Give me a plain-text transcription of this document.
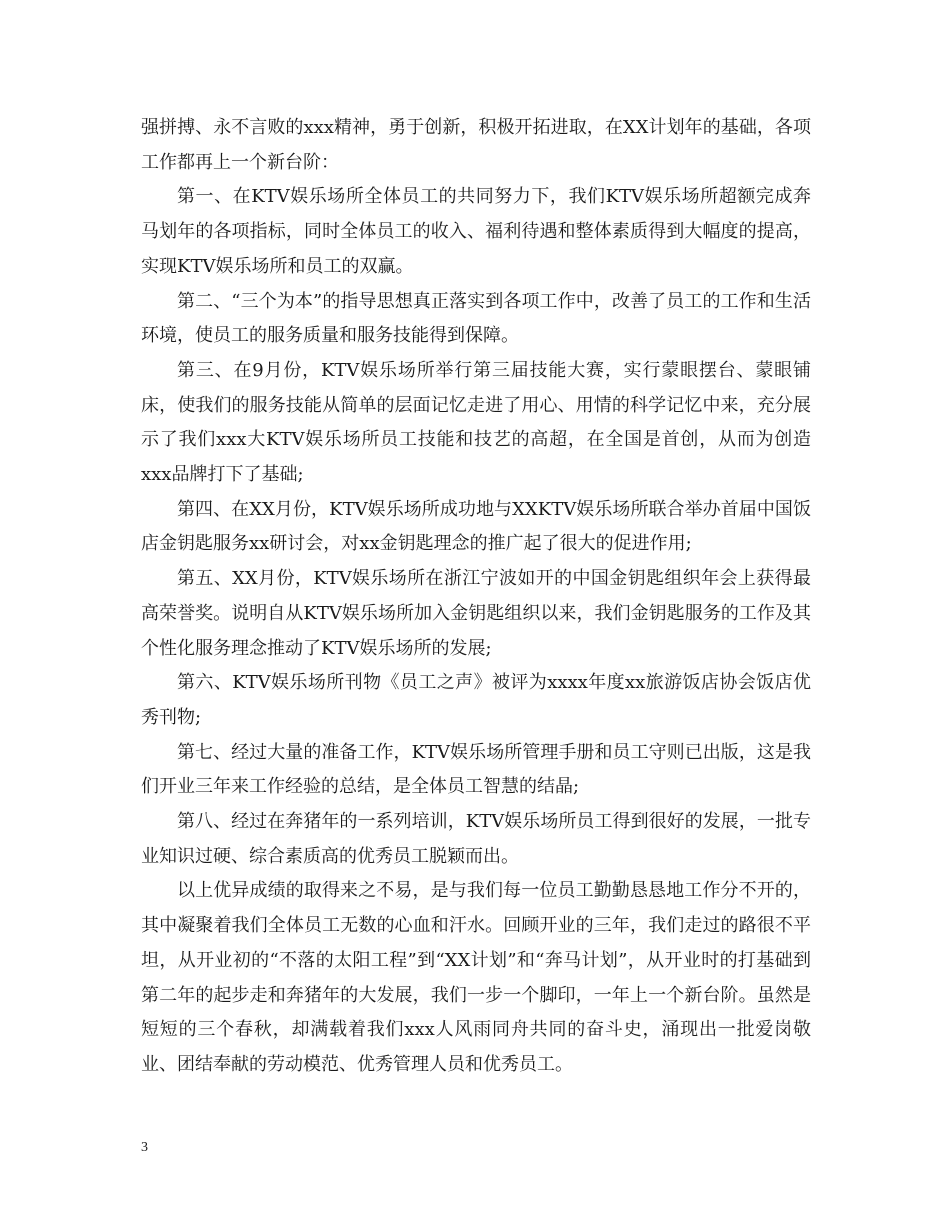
强拼搏、永不言败的xxx精神，勇于创新，积极开拓进取，在XX计划年的基础，各项工作都再上一个新台阶：

第一、在KTV娱乐场所全体员工的共同努力下，我们KTV娱乐场所超额完成奔马划年的各项指标，同时全体员工的收入、福利待遇和整体素质得到大幅度的提高，实现KTV娱乐场所和员工的双赢。

第二、“三个为本”的指导思想真正落实到各项工作中，改善了员工的工作和生活环境，使员工的服务质量和服务技能得到保障。

第三、在9月份，KTV娱乐场所举行第三届技能大赛，实行蒙眼摆台、蒙眼铺床，使我们的服务技能从简单的层面记忆走进了用心、用情的科学记忆中来，充分展示了我们xxx大KTV娱乐场所员工技能和技艺的高超，在全国是首创，从而为创造xxx品牌打下了基础;

第四、在XX月份，KTV娱乐场所成功地与XXKTV娱乐场所联合举办首届中国饭店金钥匙服务xx研讨会，对xx金钥匙理念的推广起了很大的促进作用;

第五、XX月份，KTV娱乐场所在浙江宁波如开的中国金钥匙组织年会上获得最高荣誉奖。说明自从KTV娱乐场所加入金钥匙组织以来，我们金钥匙服务的工作及其个性化服务理念推动了KTV娱乐场所的发展;

第六、KTV娱乐场所刊物《员工之声》被评为xxxx年度xx旅游饭店协会饭店优秀刊物;

第七、经过大量的准备工作，KTV娱乐场所管理手册和员工守则已出版，这是我们开业三年来工作经验的总结，是全体员工智慧的结晶;

第八、经过在奔猪年的一系列培训，KTV娱乐场所员工得到很好的发展，一批专业知识过硬、综合素质高的优秀员工脱颖而出。

以上优异成绩的取得来之不易，是与我们每一位员工勤勤恳恳地工作分不开的，其中凝聚着我们全体员工无数的心血和汗水。回顾开业的三年，我们走过的路很不平坦，从开业初的“不落的太阳工程”到“XX计划”和“奔马计划”，从开业时的打基础到第二年的起步走和奔猪年的大发展，我们一步一个脚印，一年上一个新台阶。虽然是短短的三个春秋，却满载着我们xxx人风雨同舟共同的奋斗史，涌现出一批爱岗敬业、团结奉献的劳动模范、优秀管理人员和优秀员工。

3
